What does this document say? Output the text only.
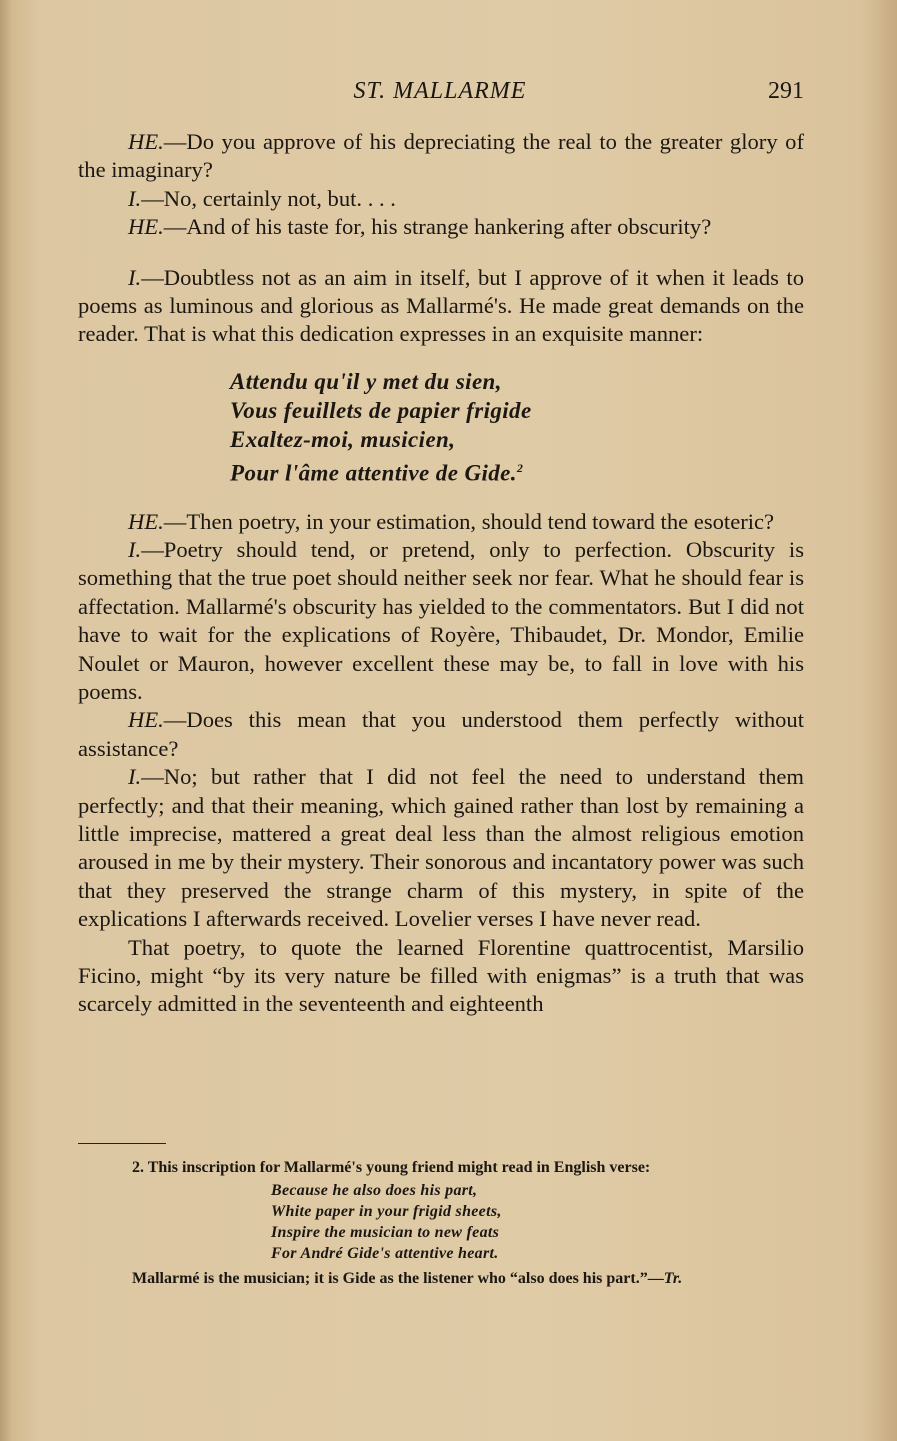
ST. MALLARME	291

HE.—Do you approve of his depreciating the real to the greater glory of the imaginary?

I.—No, certainly not, but. . . .

HE.—And of his taste for, his strange hankering after obscurity?

I.—Doubtless not as an aim in itself, but I approve of it when it leads to poems as luminous and glorious as Mallarmé's. He made great demands on the reader. That is what this dedication expresses in an exquisite manner:

Attendu qu'il y met du sien,
Vous feuillets de papier frigide
Exaltez-moi, musicien,
Pour l'âme attentive de Gide.$^2$

HE.—Then poetry, in your estimation, should tend toward the esoteric?

I.—Poetry should tend, or pretend, only to perfection. Obscurity is something that the true poet should neither seek nor fear. What he should fear is affectation. Mallarmé's obscurity has yielded to the commentators. But I did not have to wait for the explications of Royère, Thibaudet, Dr. Mondor, Emilie Noulet or Mauron, however excellent these may be, to fall in love with his poems.

HE.—Does this mean that you understood them perfectly without assistance?

I.—No; but rather that I did not feel the need to understand them perfectly; and that their meaning, which gained rather than lost by remaining a little imprecise, mattered a great deal less than the almost religious emotion aroused in me by their mystery. Their sonorous and incantatory power was such that they preserved the strange charm of this mystery, in spite of the explications I afterwards received. Lovelier verses I have never read.

That poetry, to quote the learned Florentine quattrocentist, Marsilio Ficino, might “by its very nature be filled with enigmas” is a truth that was scarcely admitted in the seventeenth and eighteenth

2. This inscription for Mallarmé's young friend might read in English verse:

Because he also does his part,
White paper in your frigid sheets,
Inspire the musician to new feats
For André Gide's attentive heart.

Mallarmé is the musician; it is Gide as the listener who “also does his part.”—Tr.
